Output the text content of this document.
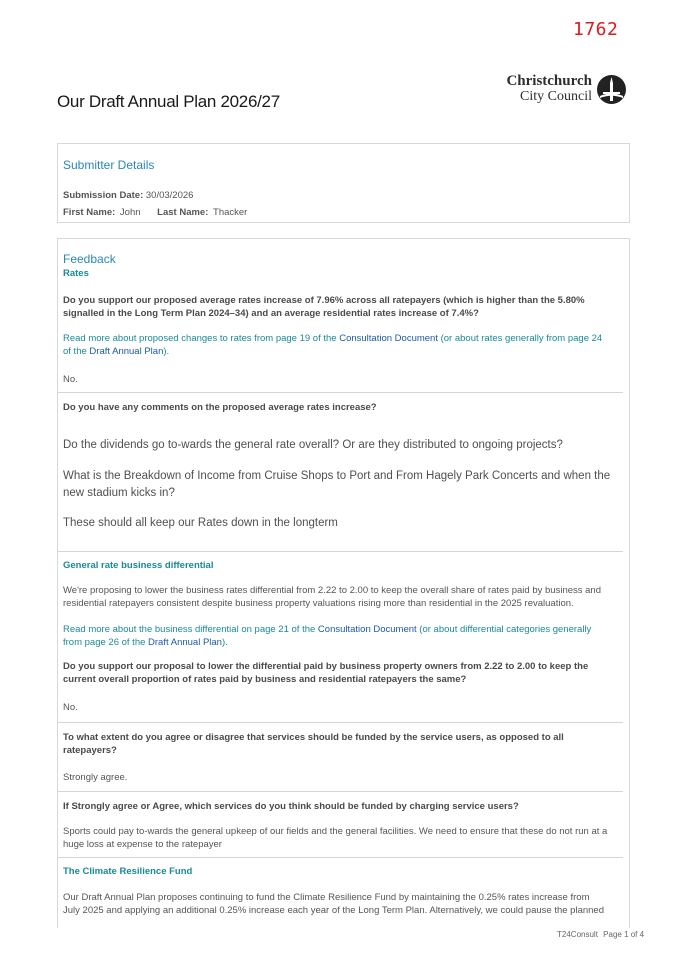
1762
Christchurch
City Council
Our Draft Annual Plan 2026/27
Submitter Details
Submission Date: 30/03/2026
First Name: John Last Name: Thacker
Feedback
Rates
Do you support our proposed average rates increase of 7.96% across all ratepayers (which is higher than the 5.80%
signalled in the Long Term Plan 2024–34) and an average residential rates increase of 7.4%?
Read more about proposed changes to rates from page 19 of the Consultation Document (or about rates generally from page 24
of the Draft Annual Plan).
No.
Do you have any comments on the proposed average rates increase?
Do the dividends go to-wards the general rate overall? Or are they distributed to ongoing projects?
What is the Breakdown of Income from Cruise Shops to Port and From Hagely Park Concerts and when the
new stadium kicks in?
These should all keep our Rates down in the longterm
General rate business differential
We're proposing to lower the business rates differential from 2.22 to 2.00 to keep the overall share of rates paid by business and
residential ratepayers consistent despite business property valuations rising more than residential in the 2025 revaluation.
Read more about the business differential on page 21 of the Consultation Document (or about differential categories generally
from page 26 of the Draft Annual Plan).
Do you support our proposal to lower the differential paid by business property owners from 2.22 to 2.00 to keep the
current overall proportion of rates paid by business and residential ratepayers the same?
No.
To what extent do you agree or disagree that services should be funded by the service users, as opposed to all
ratepayers?
Strongly agree.
If Strongly agree or Agree, which services do you think should be funded by charging service users?
Sports could pay to-wards the general upkeep of our fields and the general facilities. We need to ensure that these do not run at a
huge loss at expense to the ratepayer
The Climate Resilience Fund
Our Draft Annual Plan proposes continuing to fund the Climate Resilience Fund by maintaining the 0.25% rates increase from
July 2025 and applying an additional 0.25% increase each year of the Long Term Plan. Alternatively, we could pause the planned
T24Consult Page 1 of 4
